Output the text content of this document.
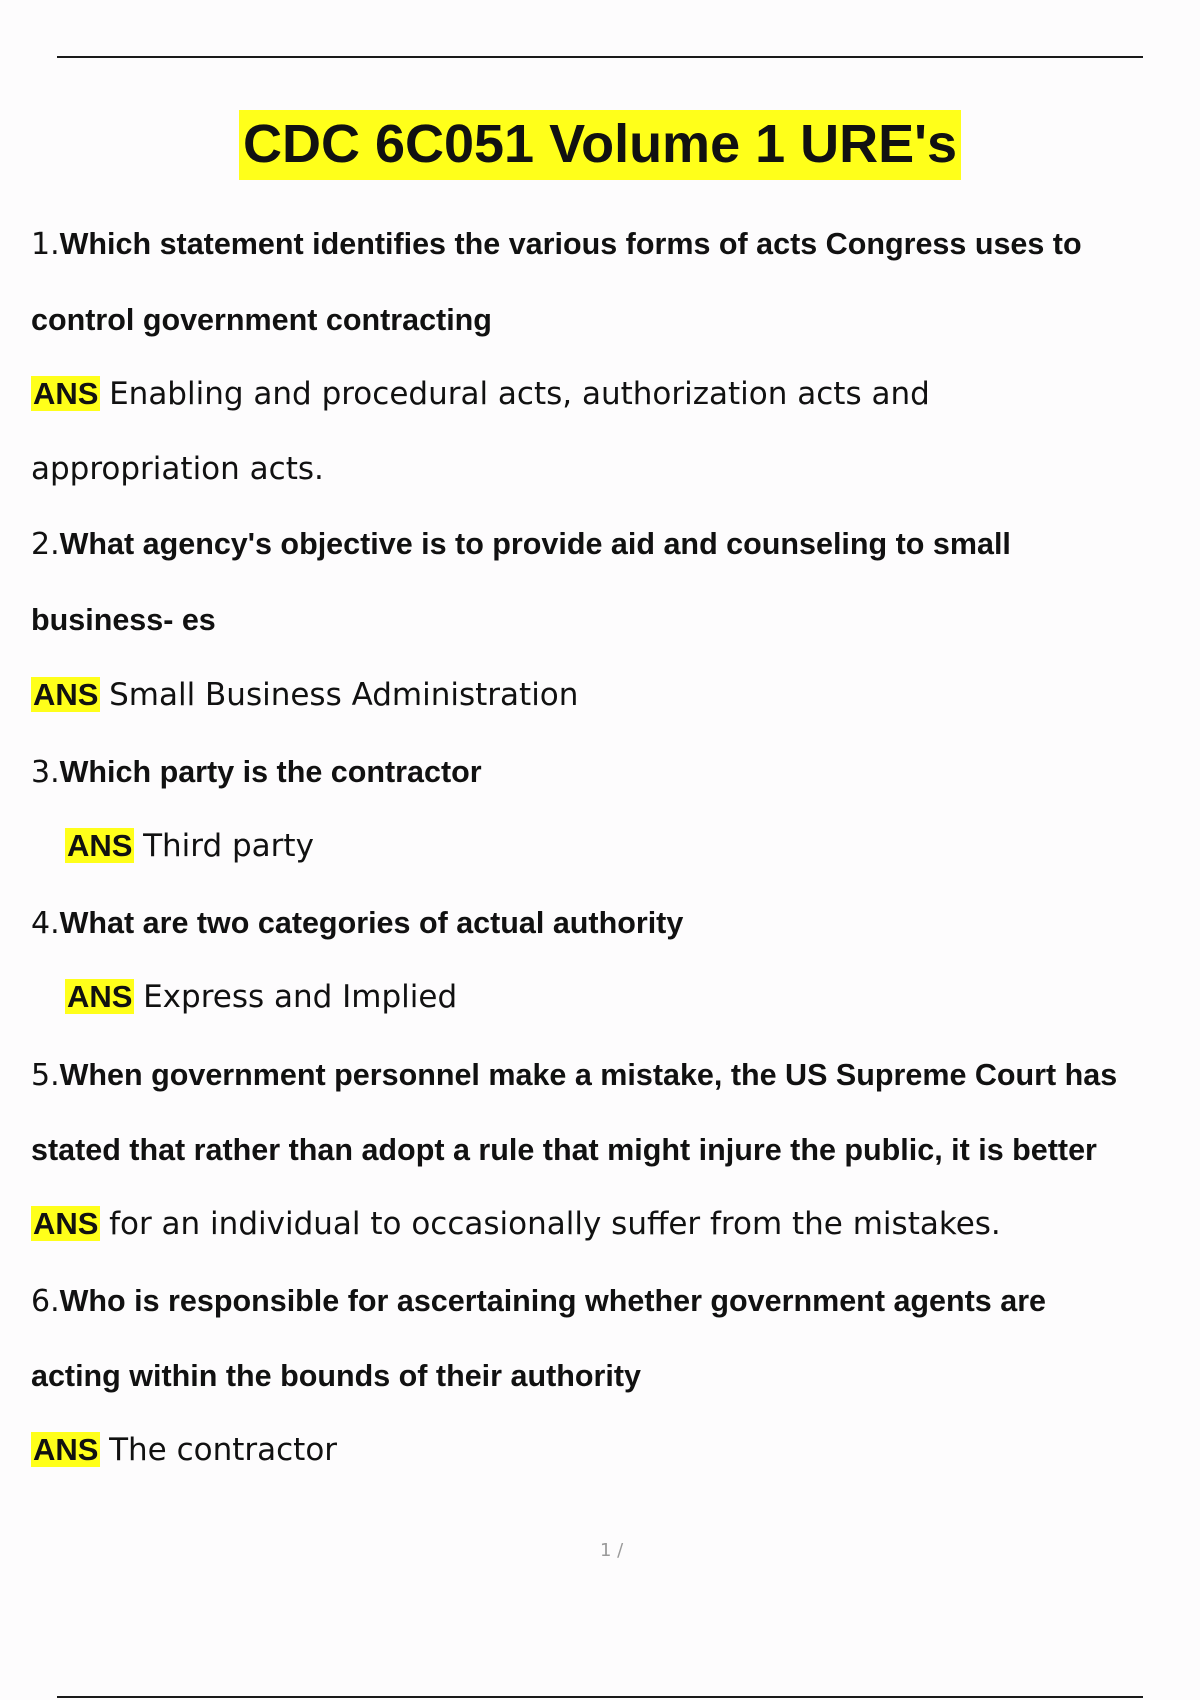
CDC 6C051 Volume 1 URE's
1.Which statement identifies the various forms of acts Congress uses to
control government contracting
ANS Enabling and procedural acts, authorization acts and
appropriation acts.
2.What agency's objective is to provide aid and counseling to small
business- es
ANS Small Business Administration
3.Which party is the contractor
ANS Third party
4.What are two categories of actual authority
ANS Express and Implied
5.When government personnel make a mistake, the US Supreme Court has
stated that rather than adopt a rule that might injure the public, it is better
ANS for an individual to occasionally suffer from the mistakes.
6.Who is responsible for ascertaining whether government agents are
acting within the bounds of their authority
ANS The contractor
1 /
